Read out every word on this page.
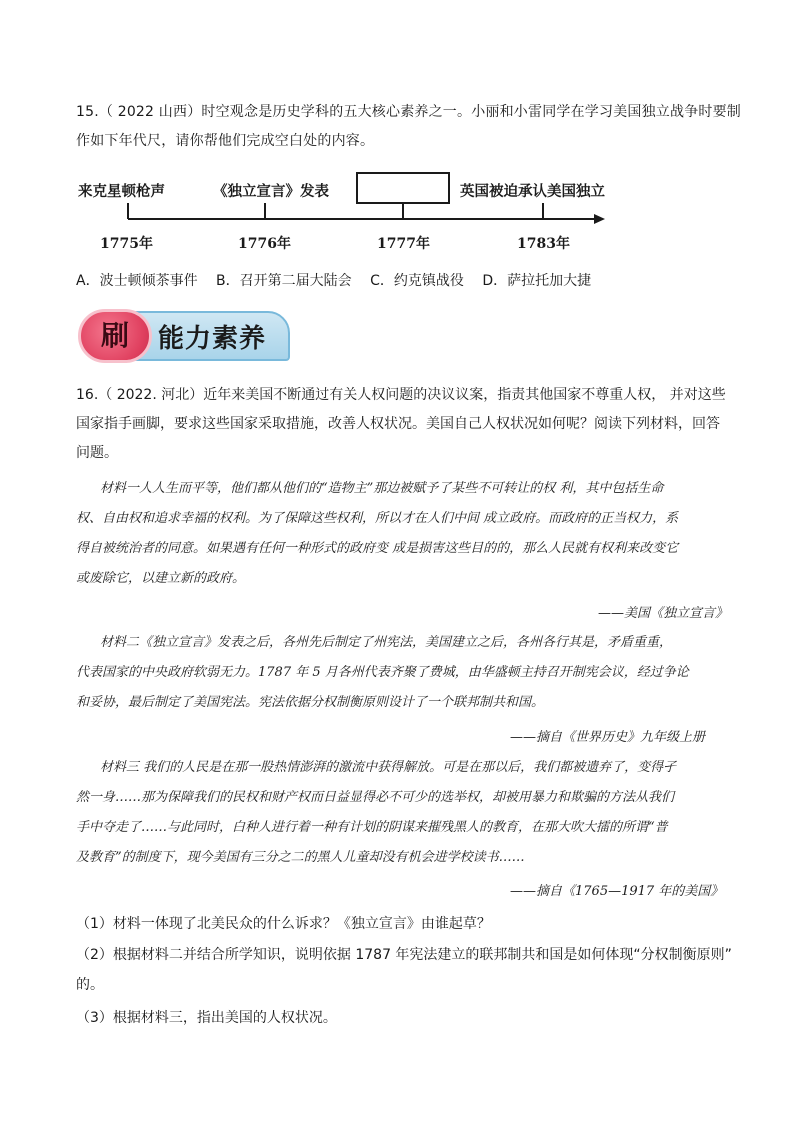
15.（ 2022 山西）时空观念是历史学科的五大核心素养之一。小丽和小雷同学在学习美国独立战争时要制
作如下年代尺，请你帮他们完成空白处的内容。
来克星顿枪声	《独立宣言》发表	英国被迫承认美国独立
1775年	1776年	1777年	1783年
A．波士顿倾茶事件 B．召开第二届大陆会 C．约克镇战役 D．萨拉托加大捷
刷	能力素养
16.（ 2022. 河北）近年来美国不断通过有关人权问题的决议议案，指责其他国家不尊重人权， 并对这些
国家指手画脚，要求这些国家采取措施，改善人权状况。美国自己人权状况如何呢？阅读下列材料，回答
问题。
材料一人人生而平等，他们都从他们的“造物主”那边被赋予了某些不可转让的权 利，其中包括生命
权、自由权和追求幸福的权利。为了保障这些权利，所以才在人们中间 成立政府。而政府的正当权力，系
得自被统治者的同意。如果遇有任何一种形式的政府变 成是损害这些目的的，那么人民就有权利来改变它
或废除它，以建立新的政府。
——美国《独立宣言》
材料二《独立宣言》发表之后，各州先后制定了州宪法，美国建立之后，各州各行其是，矛盾重重，
代表国家的中央政府软弱无力。1787 年 5 月各州代表齐聚了费城，由华盛顿主持召开制宪会议，经过争论
和妥协，最后制定了美国宪法。宪法依据分权制衡原则设计了一个联邦制共和国。
——摘自《世界历史》九年级上册
材料三 我们的人民是在那一股热情澎湃的激流中获得解放。可是在那以后，我们都被遗弃了，变得孑
然一身……那为保障我们的民权和财产权而日益显得必不可少的选举权，却被用暴力和欺骗的方法从我们
手中夺走了……与此同时，白种人进行着一种有计划的阴谋来摧残黑人的教育，在那大吹大擂的所谓“普
及教育”的制度下，现今美国有三分之二的黑人儿童却没有机会进学校读书……
——摘自《1765—1917 年的美国》
（1）材料一体现了北美民众的什么诉求？《独立宣言》由谁起草？
（2）根据材料二并结合所学知识，说明依据 1787 年宪法建立的联邦制共和国是如何体现“分权制衡原则”
的。
（3）根据材料三，指出美国的人权状况。
